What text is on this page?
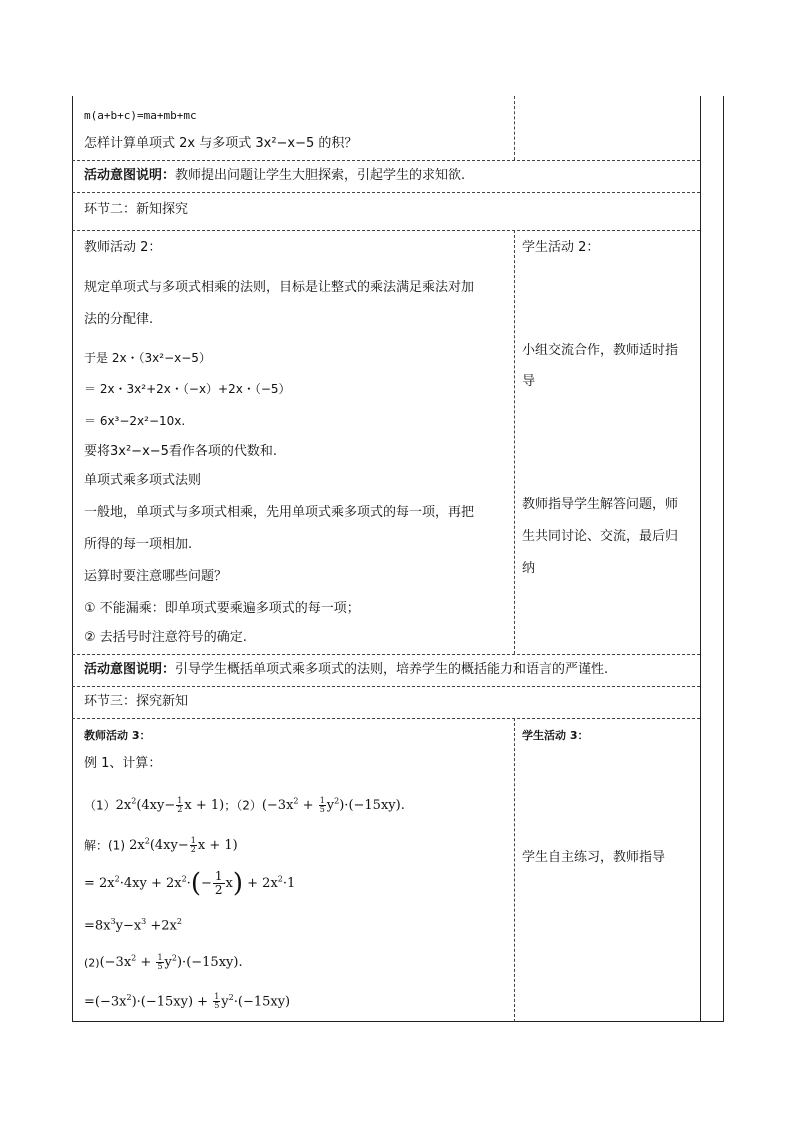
m(a+b+c)=ma+mb+mc
怎样计算单项式 2x 与多项式 3x²−x−5 的积？
活动意图说明：教师提出问题让学生大胆探索，引起学生的求知欲.
环节二：新知探究
教师活动 2：
规定单项式与多项式相乘的法则，目标是让整式的乘法满足乘法对加
法的分配律.
于是 2x・（3x²−x−5）
＝ 2x・3x²+2x・（−x）+2x・（−5）
＝ 6x³−2x²−10x.
要将3x²−x−5看作各项的代数和.
单项式乘多项式法则
一般地，单项式与多项式相乘，先用单项式乘多项式的每一项，再把
所得的每一项相加.
运算时要注意哪些问题？
① 不能漏乘：即单项式要乘遍多项式的每一项；
② 去括号时注意符号的确定.
学生活动 2：
小组交流合作，教师适时指
导
教师指导学生解答问题，师
生共同讨论、交流，最后归
纳
活动意图说明：引导学生概括单项式乘多项式的法则，培养学生的概括能力和语言的严谨性.
环节三：探究新知
教师活动 3：
例 1、计算：
$(1)2x^2(4xy- \frac{1}{2}$ x + 1)；$(2)(-3x^2 + \frac{1}{5} y^2)\cdot(-15xy)$.
解：(1) $2x^2(4xy- \frac{1}{2}$ x + 1)
= $2x^2\cdot 4xy + 2x^2\cdot(- \frac{1}{2} x) + 2x^2\cdot 1$
$=8x^3y-x^3 +2x^2$
$(2)(-3x^2 + \frac{1}{5} y^2)\cdot(-15xy)$.
$=(-3x^2)\cdot(-15xy) + \frac{1}{5} y^2\cdot(-15xy)$
学生活动 3：
学生自主练习，教师指导
